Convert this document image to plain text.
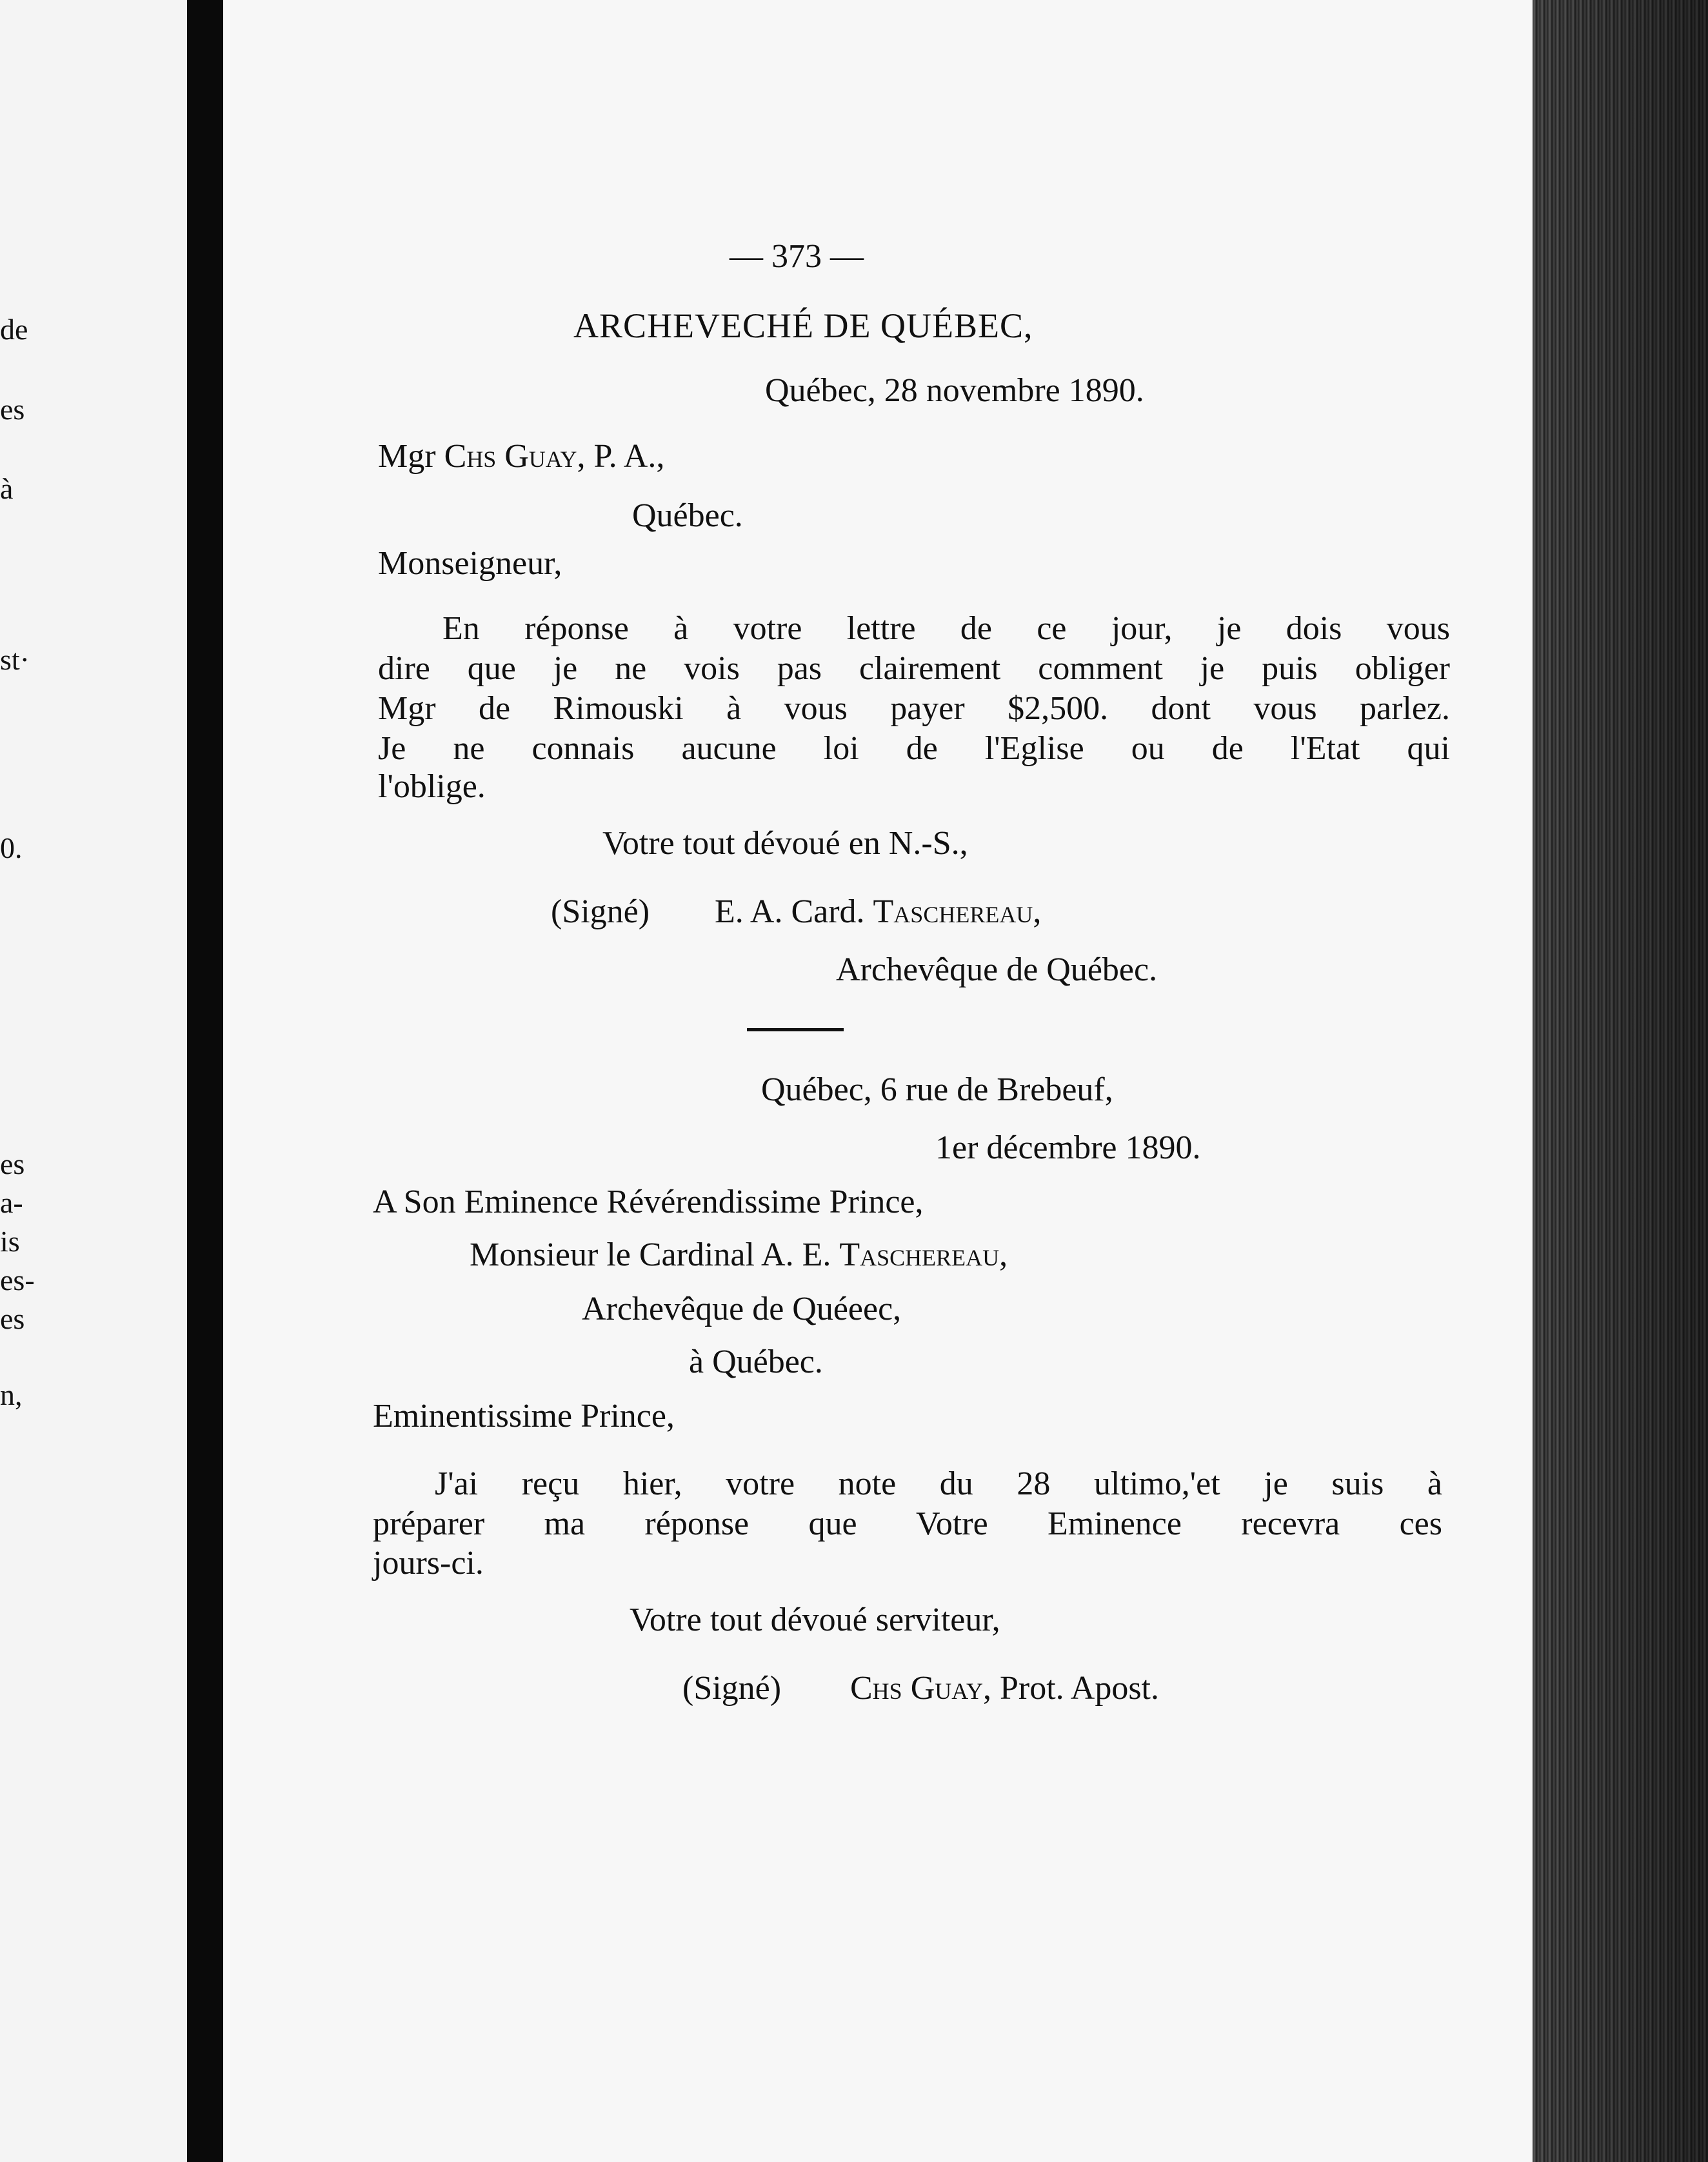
de
es
à
st·
0.
es
a-
is
es-
es
n,
— 373 —
ARCHEVECHÉ DE QUÉBEC,
Québec, 28 novembre 1890.
Mgr Chs Guay, P. A.,
Québec.
Monseigneur,
En réponse à votre lettre de ce jour, je dois vous
dire que je ne vois pas clairement comment je puis obliger
Mgr de Rimouski à vous payer $2,500. dont vous parlez.
Je ne connais aucune loi de l'Eglise ou de l'Etat qui
l'oblige.
Votre tout dévoué en N.-S.,
(Signé) E. A. Card. Taschereau,
Archevêque de Québec.
Québec, 6 rue de Brebeuf,
1er décembre 1890.
A Son Eminence Révérendissime Prince,
Monsieur le Cardinal A. E. Taschereau,
Archevêque de Quéeec,
à Québec.
Eminentissime Prince,
J'ai reçu hier, votre note du 28 ultimo,'et je suis à
préparer ma réponse que Votre Eminence recevra ces
jours-ci.
Votre tout dévoué serviteur,
(Signé) Chs Guay, Prot. Apost.
